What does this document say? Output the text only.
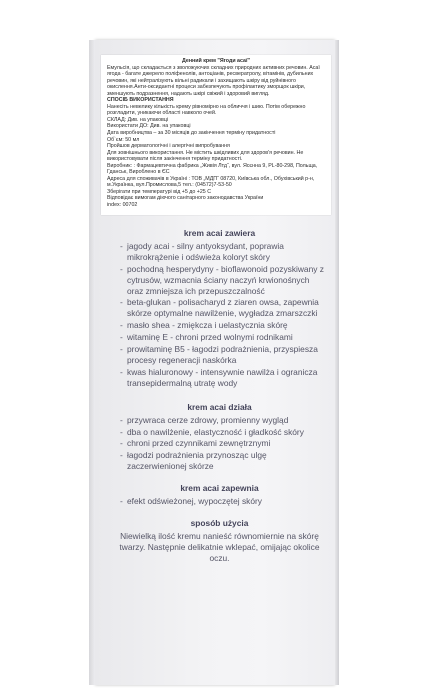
Денний крем "Ягоди асаї"

Емульсія, що складається з зволожуючих складних природних активних речовин. Асаї ягода - багате джерело поліфенолів, антоціанів, ресвератролу, вітамінів, дубильних речовин, які нейтралізують вільні радикали і захищають шкіру від руйнівного окислення.Анти-оксидантні процеси забезпечують профілактику зморщок шкіри, зменшують подразнення, надають шкірі свіжий і здоровий вигляд.

СПОСІБ ВИКОРИСТАННЯ

Нанесіть невелику кількість крему рівномірно на обличчя і шию. Потім обережно розгладити, уникаючи області навколо очей.

СКЛАД: Див. на упаковці

Використати ДО: Див. на упаковці

Дата виробництва – за 30 місяців до закінчення терміну придатності

Об`єм: 50 мл

Пройшов дерматологічні і алергічні випробування

Для зовнішнього використання. Не містить шкідливих для здоров'я речовин. Не використовувати після закінчення терміну придатності.

Виробник: : Фармацевтична фабрика „Живія Лтд“, вул. Ясєнна 9, PL-80-298, Польща, Гданськ, Вироблено в ЄС

Адреса для споживачів в Україні : ТОВ „МДП“ 08720, Київська обл., Обухівський р-н, м.Українка, вул.Промислова,5 тел.: (04572)7-53-50

Зберігати при температурі від +5 до +25 С

Відповідає вимогам діючого санітарного законодавства України

index: 00702

krem acai zawiera

- jagody acai - silny antyoksydant, poprawia mikrokrążenie i odświeża koloryt skóry
- pochodną hesperydyny - bioflawonoid pozyskiwany z cytrusów, wzmacnia ściany naczyń krwionośnych oraz zmniejsza ich przepuszczalność
- beta-glukan - polisacharyd z ziaren owsa, zapewnia skórze optymalne nawilżenie, wygładza zmarszczki
- masło shea - zmiękcza i uelastycznia skórę
- witaminę E - chroni przed wolnymi rodnikami
- prowitaminę B5 - łagodzi podrażnienia, przyspiesza procesy regeneracji naskórka
- kwas hialuronowy - intensywnie nawilża i ogranicza transepidermalną utratę wody

krem acai działa

- przywraca cerze zdrowy, promienny wygląd
- dba o nawilżenie, elastyczność i gładkość skóry
- chroni przed czynnikami zewnętrznymi
- łagodzi podrażnienia przynosząc ulgę zaczerwienionej skórze

krem acai zapewnia

- efekt odświeżonej, wypoczętej skóry

sposób użycia

Niewielką ilość kremu nanieść równomiernie na skórę twarzy. Następnie delikatnie wklepać, omijając okolice oczu.
